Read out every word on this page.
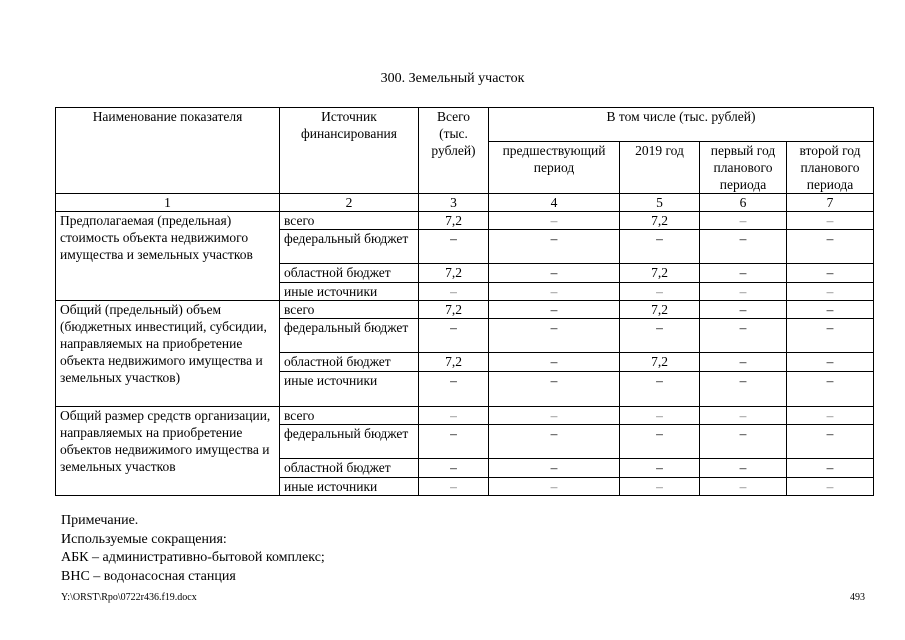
300. Земельный участок
Наименование показателя	Источник финансирования	Всего (тыс. рублей)	В том числе (тыс. рублей)			
			предшествующий период	2019 год	первый год планового периода	второй год планового периода
1	2	3	4	5	6	7
Предполагаемая (предельная) стоимость объекта недвижимого имущества и земельных участков	всего	7,2	–	7,2	–	–
	федеральный бюджет	–	–	–	–	–
	областной бюджет	7,2	–	7,2	–	–
	иные источники	–	–	–	–	–
Общий (предельный) объем (бюджетных инвестиций, субсидии, направляемых на приобретение объекта недвижимого имущества и земельных участков)	всего	7,2	–	7,2	–	–
	федеральный бюджет	–	–	–	–	–
	областной бюджет	7,2	–	7,2	–	–
	иные источники	–	–	–	–	–
Общий размер средств организации, направляемых на приобретение объектов недвижимого имущества и земельных участков	всего	–	–	–	–	–
	федеральный бюджет	–	–	–	–	–
	областной бюджет	–	–	–	–	–
	иные источники	–	–	–	–	–
Примечание.
Используемые сокращения:
АБК – административно-бытовой комплекс;
ВНС – водонасосная станция
Y:\ORST\Rpo\0722r436.f19.docx	493
